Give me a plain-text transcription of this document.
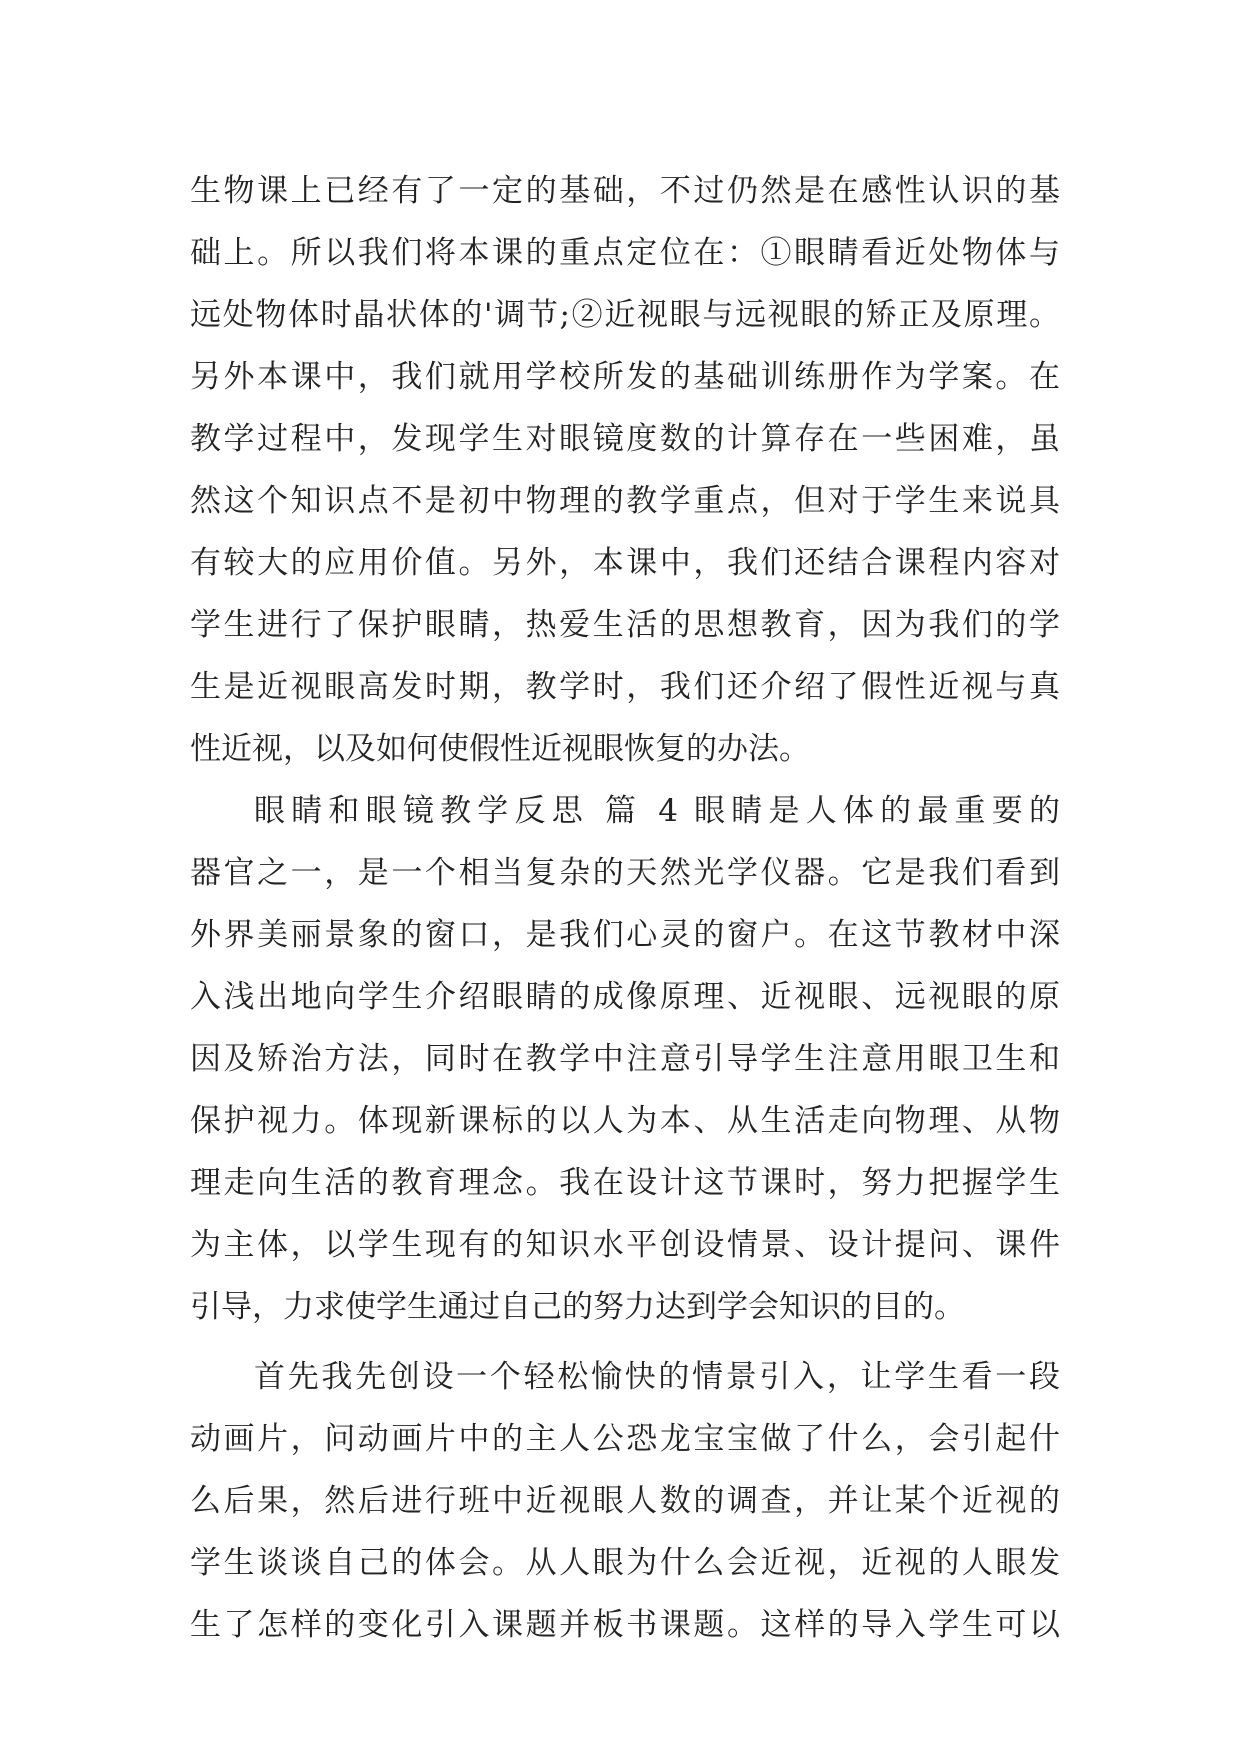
生物课上已经有了一定的基础，不过仍然是在感性认识的基
础上。所以我们将本课的重点定位在：①眼睛看近处物体与
远处物体时晶状体的'调节;②近视眼与远视眼的矫正及原理。
另外本课中，我们就用学校所发的基础训练册作为学案。在
教学过程中，发现学生对眼镜度数的计算存在一些困难，虽
然这个知识点不是初中物理的教学重点，但对于学生来说具
有较大的应用价值。另外，本课中，我们还结合课程内容对
学生进行了保护眼睛，热爱生活的思想教育，因为我们的学
生是近视眼高发时期，教学时，我们还介绍了假性近视与真
性近视，以及如何使假性近视眼恢复的办法。
眼睛和眼镜教学反思 篇 4 眼睛是人体的最重要的
器官之一，是一个相当复杂的天然光学仪器。它是我们看到
外界美丽景象的窗口，是我们心灵的窗户。在这节教材中深
入浅出地向学生介绍眼睛的成像原理、近视眼、远视眼的原
因及矫治方法，同时在教学中注意引导学生注意用眼卫生和
保护视力。体现新课标的以人为本、从生活走向物理、从物
理走向生活的教育理念。我在设计这节课时，努力把握学生
为主体，以学生现有的知识水平创设情景、设计提问、课件
引导，力求使学生通过自己的努力达到学会知识的目的。
首先我先创设一个轻松愉快的情景引入，让学生看一段
动画片，问动画片中的主人公恐龙宝宝做了什么，会引起什
么后果，然后进行班中近视眼人数的调查，并让某个近视的
学生谈谈自己的体会。从人眼为什么会近视，近视的人眼发
生了怎样的变化引入课题并板书课题。这样的导入学生可以
